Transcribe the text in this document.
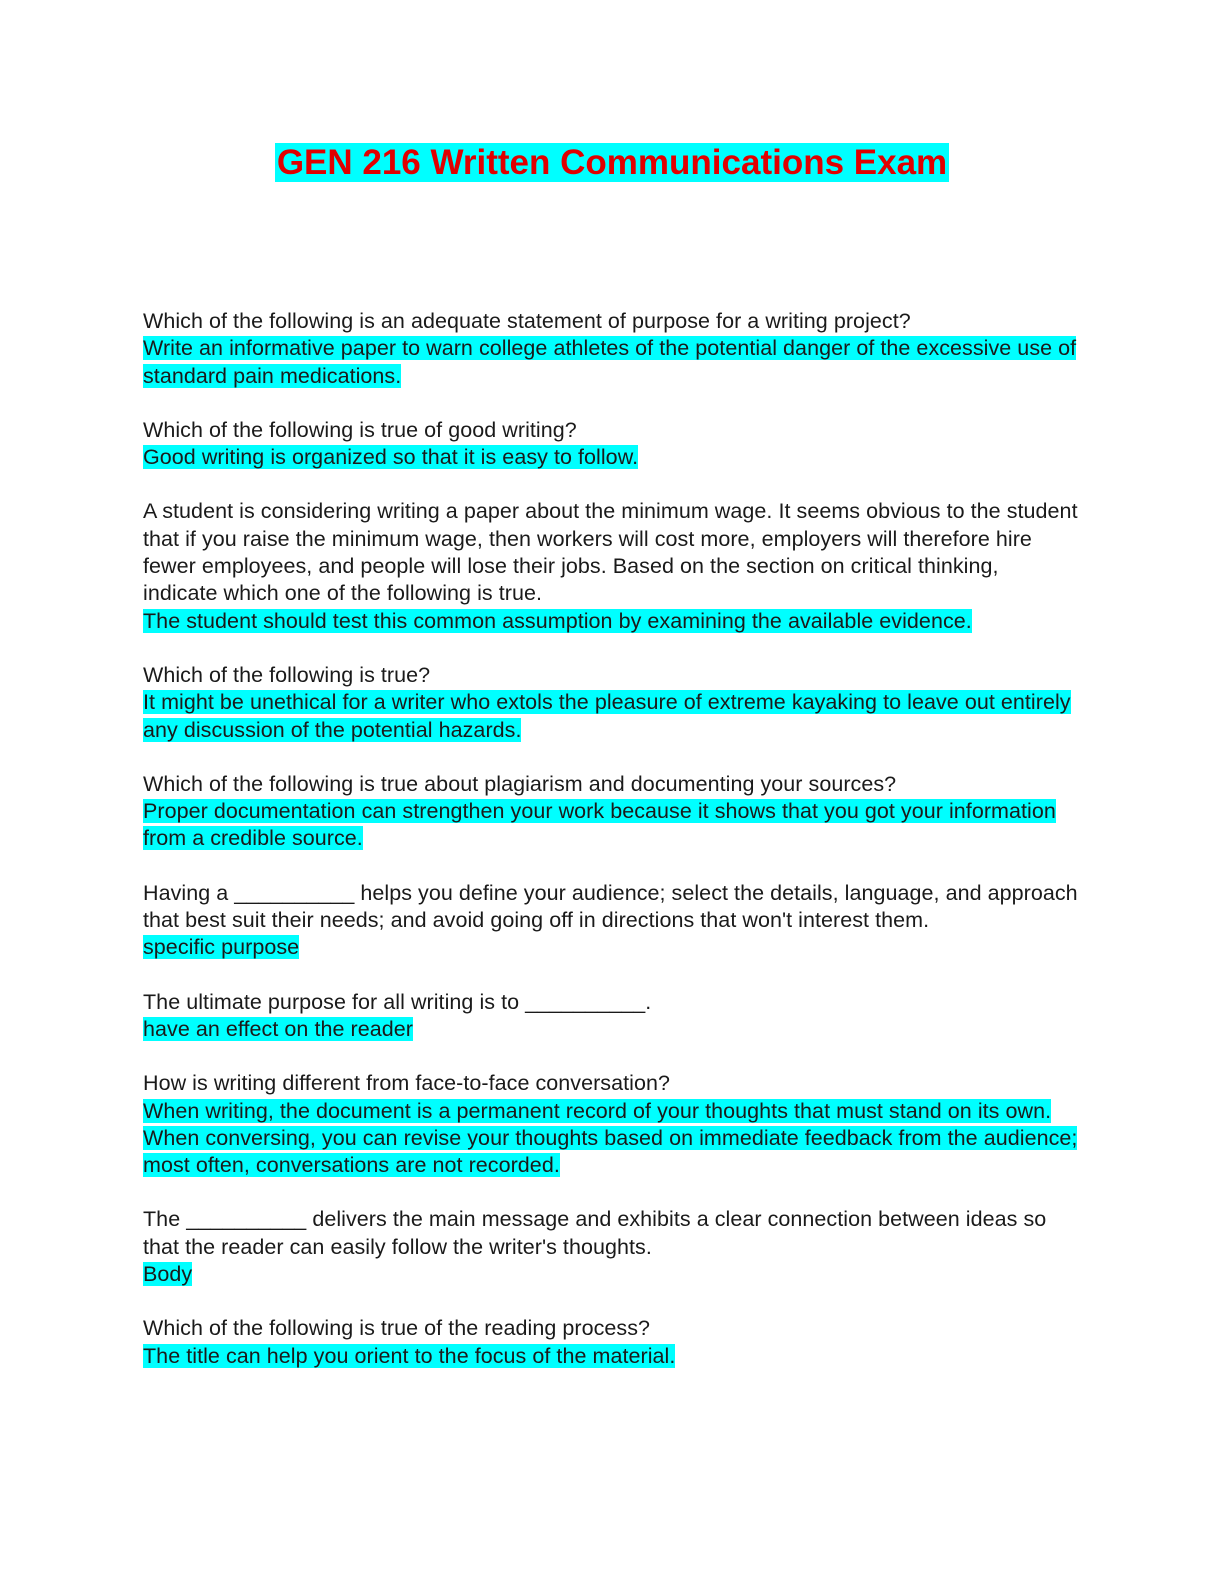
GEN 216 Written Communications Exam

Which of the following is an adequate statement of purpose for a writing project?

Write an informative paper to warn college athletes of the potential danger of the excessive use of standard pain medications.

Which of the following is true of good writing?

Good writing is organized so that it is easy to follow.

A student is considering writing a paper about the minimum wage. It seems obvious to the student that if you raise the minimum wage, then workers will cost more, employers will therefore hire fewer employees, and people will lose their jobs. Based on the section on critical thinking, indicate which one of the following is true.

The student should test this common assumption by examining the available evidence.

Which of the following is true?

It might be unethical for a writer who extols the pleasure of extreme kayaking to leave out entirely any discussion of the potential hazards.

Which of the following is true about plagiarism and documenting your sources?

Proper documentation can strengthen your work because it shows that you got your information from a credible source.

Having a __________ helps you define your audience; select the details, language, and approach that best suit their needs; and avoid going off in directions that won't interest them.

specific purpose

The ultimate purpose for all writing is to __________.

have an effect on the reader

How is writing different from face-to-face conversation?

When writing, the document is a permanent record of your thoughts that must stand on its own. When conversing, you can revise your thoughts based on immediate feedback from the audience; most often, conversations are not recorded.

The __________ delivers the main message and exhibits a clear connection between ideas so that the reader can easily follow the writer's thoughts.

Body

Which of the following is true of the reading process?

The title can help you orient to the focus of the material.
